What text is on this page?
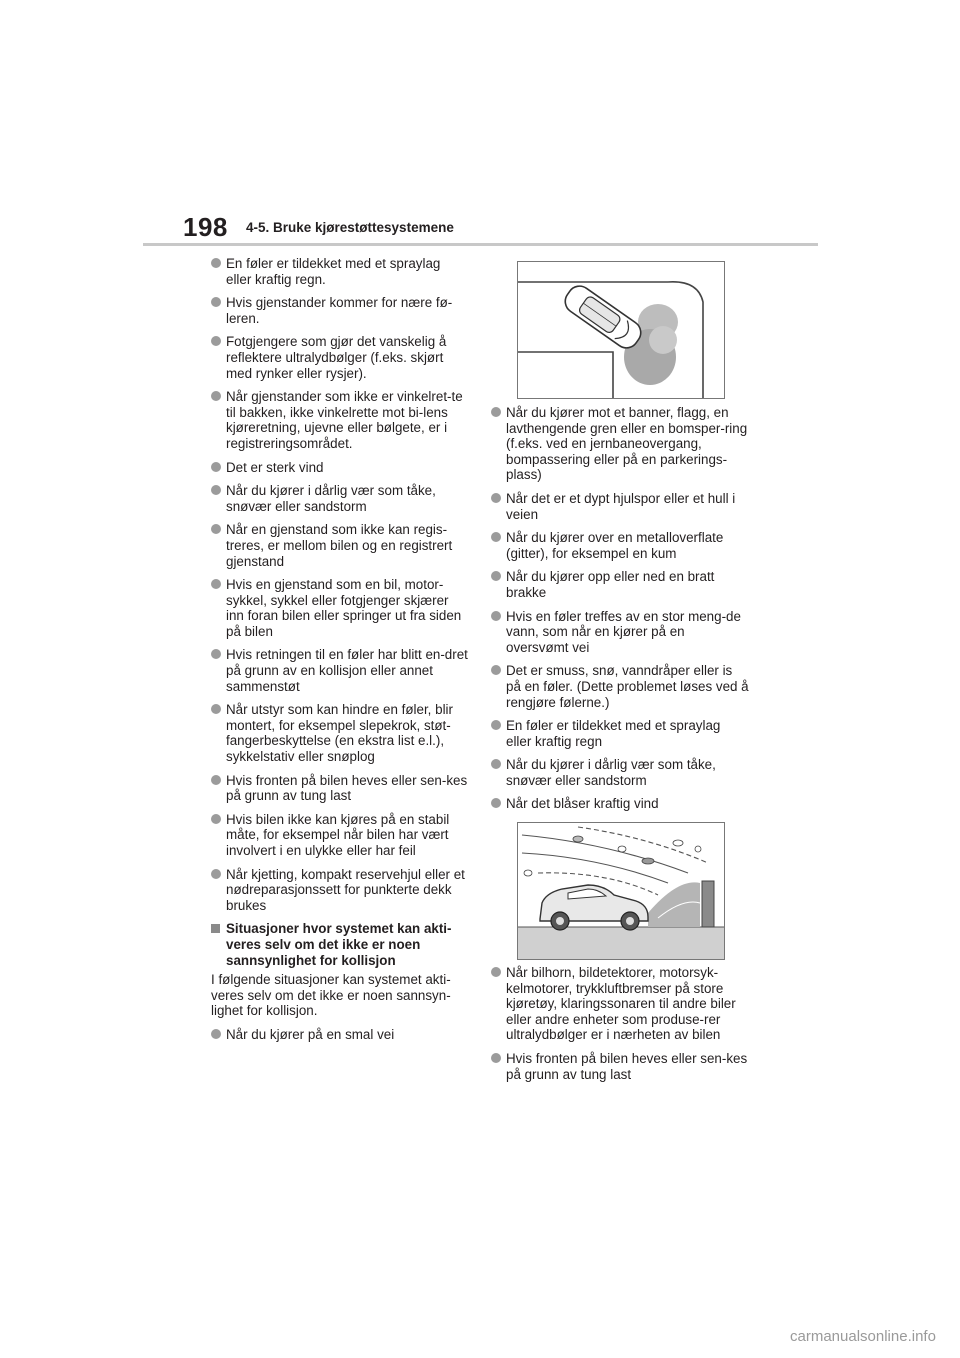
198 4-5. Bruke kjørestøttesystemene
En føler er tildekket med et spraylag eller kraftig regn.
Hvis gjenstander kommer for nære fø-leren.
Fotgjengere som gjør det vanskelig å reflektere ultralydbølger (f.eks. skjørt med rynker eller rysjer).
Når gjenstander som ikke er vinkelret-te til bakken, ikke vinkelrette mot bi-lens kjøreretning, ujevne eller bølgete, er i registreringsområdet.
Det er sterk vind
Når du kjører i dårlig vær som tåke, snøvær eller sandstorm
Når en gjenstand som ikke kan regis-treres, er mellom bilen og en registrert gjenstand
Hvis en gjenstand som en bil, motor-sykkel, sykkel eller fotgjenger skjærer inn foran bilen eller springer ut fra siden på bilen
Hvis retningen til en føler har blitt en-dret på grunn av en kollisjon eller annet sammenstøt
Når utstyr som kan hindre en føler, blir montert, for eksempel slepekrok, støt-fangerbeskyttelse (en ekstra list e.l.), sykkelstativ eller snøplog
Hvis fronten på bilen heves eller sen-kes på grunn av tung last
Hvis bilen ikke kan kjøres på en stabil måte, for eksempel når bilen har vært involvert i en ulykke eller har feil
Når kjetting, kompakt reservehjul eller et nødreparasjonssett for punkterte dekk brukes
Situasjoner hvor systemet kan akti-veres selv om det ikke er noen sannsynlighet for kollisjon
I følgende situasjoner kan systemet akti-veres selv om det ikke er noen sannsyn-lighet for kollisjon.
Når du kjører på en smal vei
Når du kjører mot et banner, flagg, en lavthengende gren eller en bomsper-ring (f.eks. ved en jernbaneovergang, bompassering eller på en parkerings-plass)
Når det er et dypt hjulspor eller et hull i veien
Når du kjører over en metalloverflate (gitter), for eksempel en kum
Når du kjører opp eller ned en bratt brakke
Hvis en føler treffes av en stor meng-de vann, som når en kjører på en oversvømt vei
Det er smuss, snø, vanndråper eller is på en føler. (Dette problemet løses ved å rengjøre følerne.)
En føler er tildekket med et spraylag eller kraftig regn
Når du kjører i dårlig vær som tåke, snøvær eller sandstorm
Når det blåser kraftig vind
Når bilhorn, bildetektorer, motorsyk-kelmotorer, trykkluftbremser på store kjøretøy, klaringssonaren til andre biler eller andre enheter som produse-rer ultralydbølger er i nærheten av bilen
Hvis fronten på bilen heves eller sen-kes på grunn av tung last
carmanualsonline.info
